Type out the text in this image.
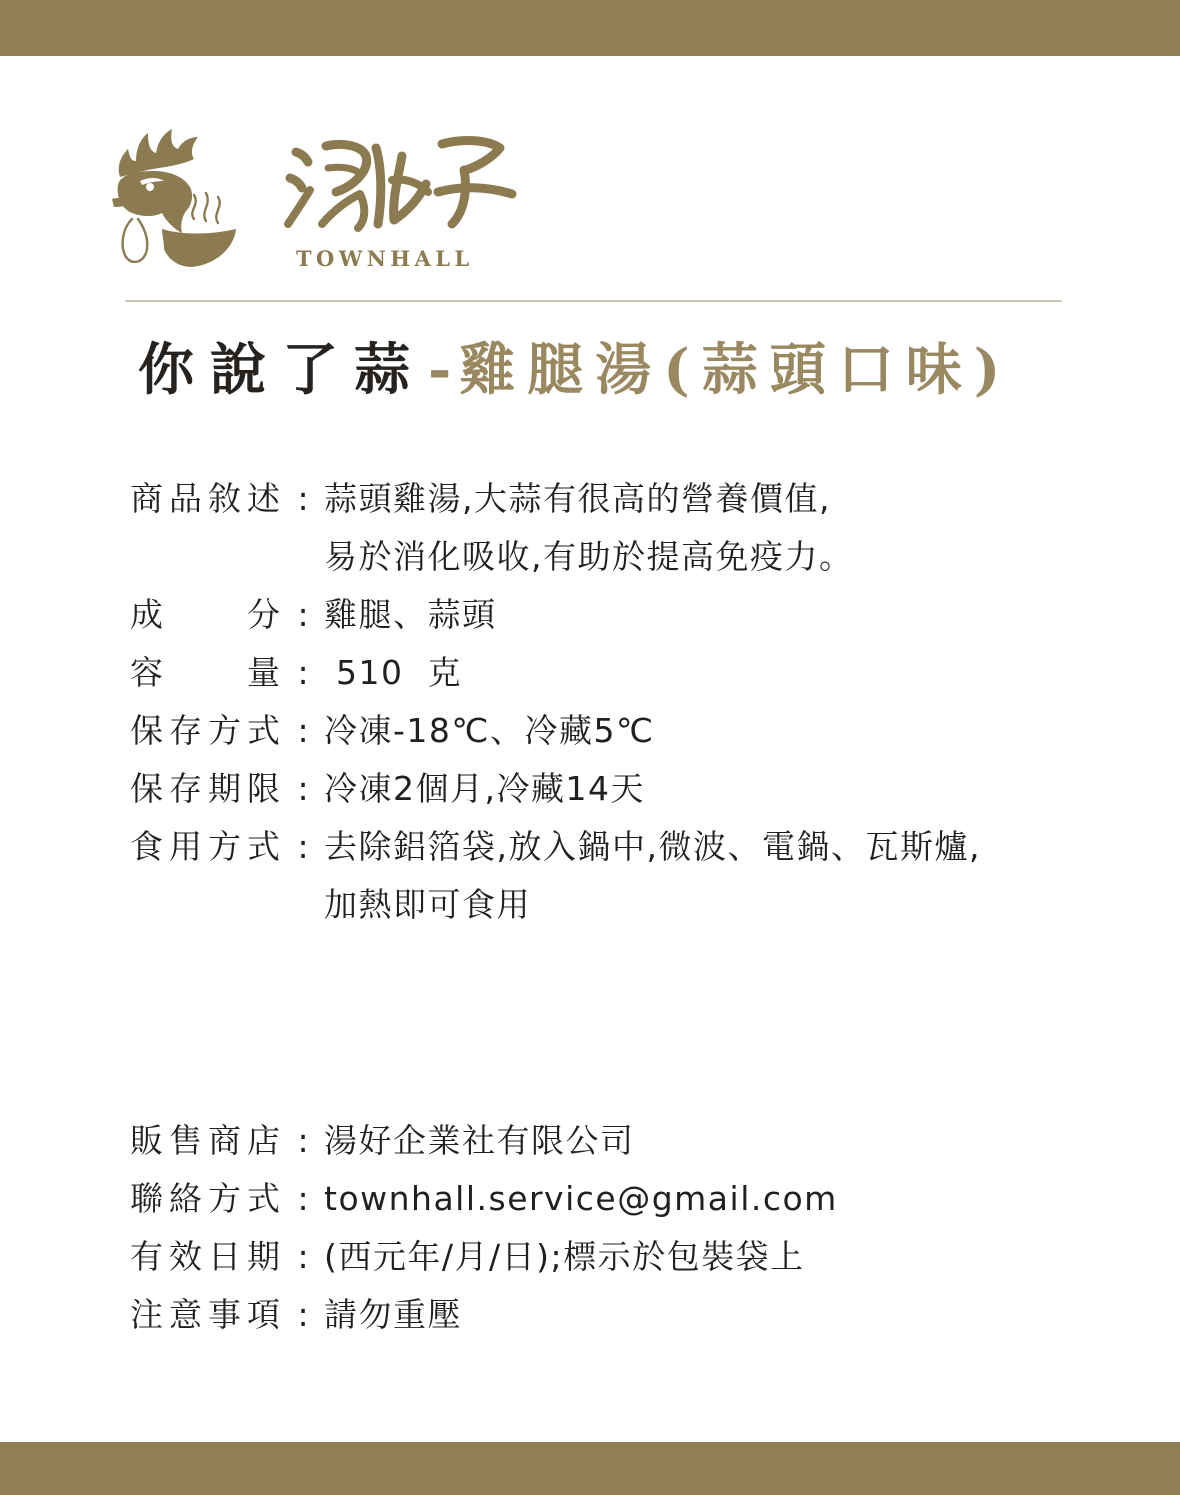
TOWNHALL
你說了蒜- 雞腿湯(蒜頭口味)
商 品 敘 述 : 蒜頭雞湯,大蒜有很高的營養價值,
易於消化吸收,有助於提高免疫力。
成 分 : 雞腿、蒜頭
容 量 : 510  克
保 存 方 式 : 冷凍-18℃、冷藏5℃
保 存 期 限 : 冷凍2個月,冷藏14天
食 用 方 式 : 去除鋁箔袋,放入鍋中,微波、電鍋、瓦斯爐,
加熱即可食用
販 售 商 店 : 湯好企業社有限公司
聯 絡 方 式 : townhall.service@gmail.com
有 效 日 期 : (西元年/月/日);標示於包裝袋上
注 意 事 項 : 請勿重壓
